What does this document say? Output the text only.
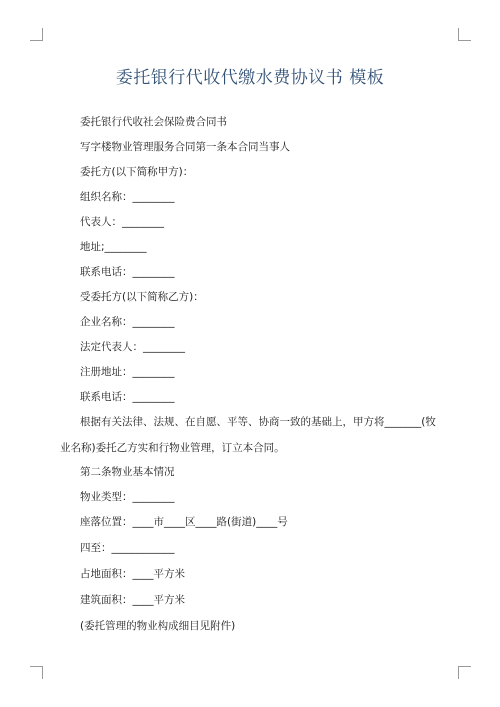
委托银行代收代缴水费协议书 模板
委托银行代收社会保险费合同书
写字楼物业管理服务合同第一条本合同当事人
委托方(以下简称甲方)：
组织名称：________
代表人：________
地址;________
联系电话：________
受委托方(以下简称乙方)：
企业名称：________
法定代表人：________
注册地址：________
联系电话：________
根据有关法律、法规、在自愿、平等、协商一致的基础上，甲方将_______(牧业名称)委托乙方实和行物业管理，订立本合同。
第二条物业基本情况
物业类型：________
座落位置：____市____区____路(街道)____号
四至：____________
占地面积：____平方米
建筑面积：____平方米
(委托管理的物业构成细目见附件)
